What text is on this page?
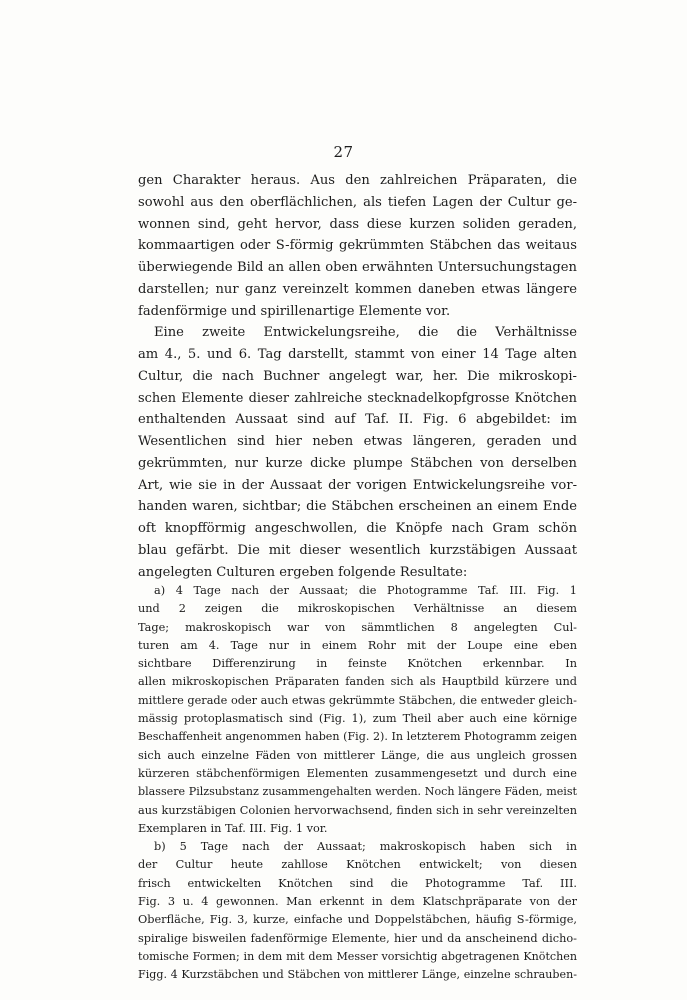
27
gen Charakter heraus. Aus den zahlreichen Präparaten, die
sowohl aus den oberflächlichen, als tiefen Lagen der Cultur ge-
wonnen sind, geht hervor, dass diese kurzen soliden geraden,
kommaartigen oder S-förmig gekrümmten Stäbchen das weitaus
überwiegende Bild an allen oben erwähnten Untersuchungstagen
darstellen; nur ganz vereinzelt kommen daneben etwas längere
fadenförmige und spirillenartige Elemente vor.
Eine zweite Entwickelungsreihe, die die Verhältnisse
am 4., 5. und 6. Tag darstellt, stammt von einer 14 Tage alten
Cultur, die nach Buchner angelegt war, her. Die mikroskopi-
schen Elemente dieser zahlreiche stecknadelkopfgrosse Knötchen
enthaltenden Aussaat sind auf Taf. II. Fig. 6 abgebildet: im
Wesentlichen sind hier neben etwas längeren, geraden und
gekrümmten, nur kurze dicke plumpe Stäbchen von derselben
Art, wie sie in der Aussaat der vorigen Entwickelungsreihe vor-
handen waren, sichtbar; die Stäbchen erscheinen an einem Ende
oft knopfförmig angeschwollen, die Knöpfe nach Gram schön
blau gefärbt. Die mit dieser wesentlich kurzstäbigen Aussaat
angelegten Culturen ergeben folgende Resultate:
a) 4 Tage nach der Aussaat; die Photogramme Taf. III. Fig. 1
und 2 zeigen die mikroskopischen Verhältnisse an diesem
Tage; makroskopisch war von sämmtlichen 8 angelegten Cul-
turen am 4. Tage nur in einem Rohr mit der Loupe eine eben
sichtbare Differenzirung in feinste Knötchen erkennbar. In
allen mikroskopischen Präparaten fanden sich als Hauptbild kürzere und
mittlere gerade oder auch etwas gekrümmte Stäbchen, die entweder gleich-
mässig protoplasmatisch sind (Fig. 1), zum Theil aber auch eine körnige
Beschaffenheit angenommen haben (Fig. 2). In letzterem Photogramm zeigen
sich auch einzelne Fäden von mittlerer Länge, die aus ungleich grossen
kürzeren stäbchenförmigen Elementen zusammengesetzt und durch eine
blassere Pilzsubstanz zusammengehalten werden. Noch längere Fäden, meist
aus kurzstäbigen Colonien hervorwachsend, finden sich in sehr vereinzelten
Exemplaren in Taf. III. Fig. 1 vor.
b) 5 Tage nach der Aussaat; makroskopisch haben sich in
der Cultur heute zahllose Knötchen entwickelt; von diesen
frisch entwickelten Knötchen sind die Photogramme Taf. III.
Fig. 3 u. 4 gewonnen. Man erkennt in dem Klatschpräparate von der
Oberfläche, Fig. 3, kurze, einfache und Doppelstäbchen, häufig S-förmige,
spiralige bisweilen fadenförmige Elemente, hier und da anscheinend dicho-
tomische Formen; in dem mit dem Messer vorsichtig abgetragenen Knötchen
Figg. 4 Kurzstäbchen und Stäbchen von mittlerer Länge, einzelne schrauben-
